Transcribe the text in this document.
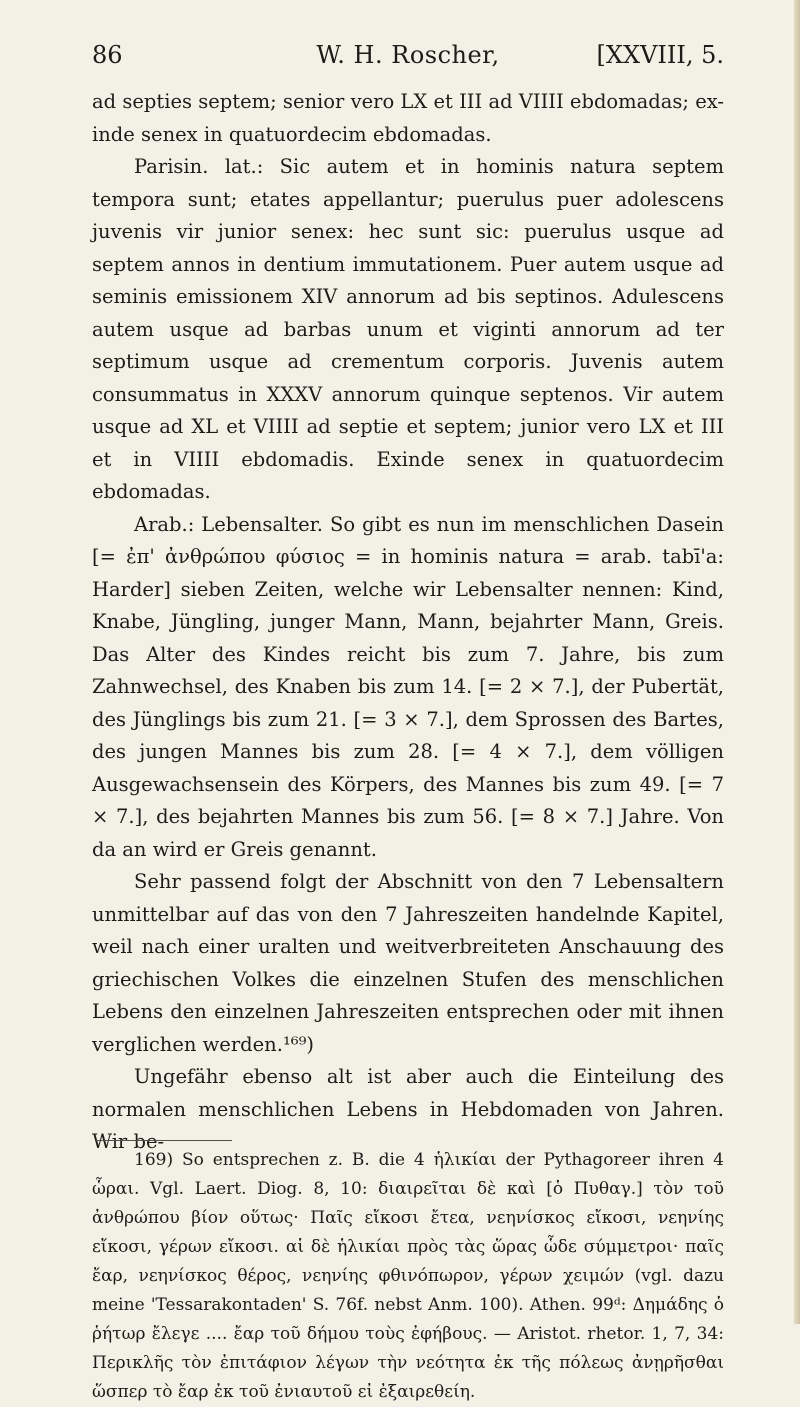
86	W. H. Roscher,	[XXVIII, 5.

ad septies septem; senior vero LX et III ad VIIII ebdomadas; ex-inde senex in quatuordecim ebdomadas.

Parisin. lat.: Sic autem et in hominis natura septem tempora sunt; etates appellantur; puerulus puer adolescens juvenis vir junior senex: hec sunt sic: puerulus usque ad septem annos in dentium immutationem. Puer autem usque ad seminis emissionem XIV annorum ad bis septinos. Adulescens autem usque ad barbas unum et viginti annorum ad ter septimum usque ad crementum corporis. Juvenis autem consummatus in XXXV annorum quinque septenos. Vir autem usque ad XL et VIIII ad septie et septem; junior vero LX et III et in VIIII ebdomadis. Exinde senex in quatuordecim ebdomadas.

Arab.: Lebensalter. So gibt es nun im menschlichen Dasein [= ἐπ' ἀνθρώπου φύσιος = in hominis natura = arab. tabī'a: Harder] sieben Zeiten, welche wir Lebensalter nennen: Kind, Knabe, Jüngling, junger Mann, Mann, bejahrter Mann, Greis. Das Alter des Kindes reicht bis zum 7. Jahre, bis zum Zahnwechsel, des Knaben bis zum 14. [= 2 × 7.], der Pubertät, des Jünglings bis zum 21. [= 3 × 7.], dem Sprossen des Bartes, des jungen Mannes bis zum 28. [= 4 × 7.], dem völligen Ausgewachsensein des Körpers, des Mannes bis zum 49. [= 7 × 7.], des bejahrten Mannes bis zum 56. [= 8 × 7.] Jahre. Von da an wird er Greis genannt.

Sehr passend folgt der Abschnitt von den 7 Lebensaltern unmittelbar auf das von den 7 Jahreszeiten handelnde Kapitel, weil nach einer uralten und weitverbreiteten Anschauung des griechischen Volkes die einzelnen Stufen des menschlichen Lebens den einzelnen Jahreszeiten entsprechen oder mit ihnen verglichen werden.¹⁶⁹)

Ungefähr ebenso alt ist aber auch die Einteilung des normalen menschlichen Lebens in Hebdomaden von Jahren. Wir be-

169) So entsprechen z. B. die 4 ἡλικίαι der Pythagoreer ihren 4 ὧραι. Vgl. Laert. Diog. 8, 10: διαιρεῖται δὲ καὶ [ὁ Πυθαγ.] τὸν τοῦ ἀνθρώπου βίον οὕτως· Παῖς εἴκοσι ἔτεα, νεηνίσκος εἴκοσι, νεηνίης εἴκοσι, γέρων εἴκοσι. αἱ δὲ ἡλικίαι πρὸς τὰς ὥρας ὧδε σύμμετροι· παῖς ἔαρ, νεηνίσκος θέρος, νεηνίης φθινόπωρον, γέρων χειμών (vgl. dazu meine 'Tessarakontaden' S. 76f. nebst Anm. 100). Athen. 99ᵈ: Δημάδης ὁ ῥήτωρ ἔλεγε .... ἔαρ τοῦ δήμου τοὺς ἐφήβους. — Aristot. rhetor. 1, 7, 34: Περικλῆς τὸν ἐπιτάφιον λέγων τὴν νεότητα ἐκ τῆς πόλεως ἀνῃρῆσθαι ὥσπερ τὸ ἔαρ ἐκ τοῦ ἐνιαυτοῦ εἰ ἐξαιρεθείη.
